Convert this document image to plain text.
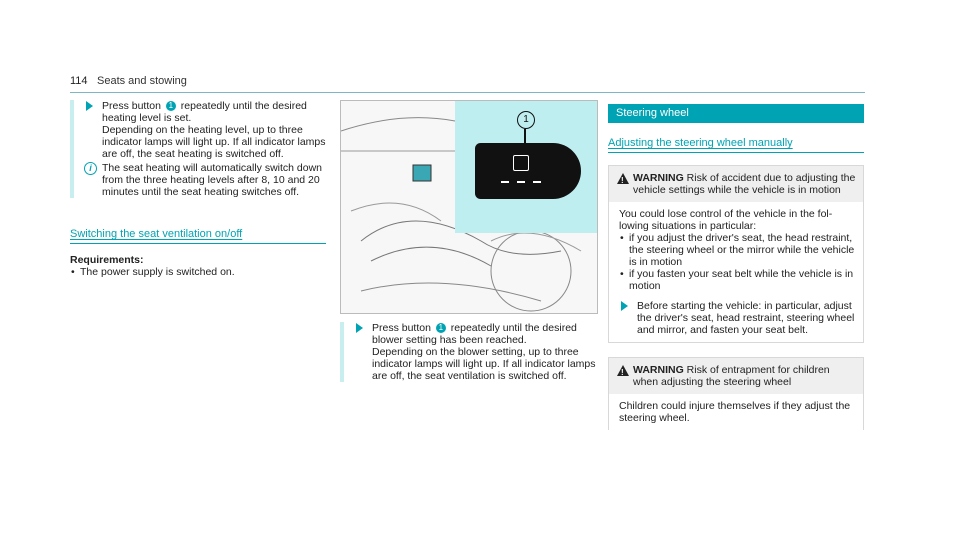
114 Seats and stowing
Press button 1 repeatedly until the desired heating level is set.
Depending on the heating level, up to three indicator lamps will light up. If all indicator lamps are off, the seat heating is switched off.
i The seat heating will automatically switch down from the three heating levels after 8, 10 and 20 minutes until the seat heating switches off.
Switching the seat ventilation on/off
Requirements:
• The power supply is switched on.
1
Press button 1 repeatedly until the desired blower setting has been reached.
Depending on the blower setting, up to three indicator lamps will light up. If all indicator lamps are off, the seat ventilation is switched off.
Steering wheel
Adjusting the steering wheel manually
!
WARNING Risk of accident due to adjusting the vehicle settings while the vehicle is in motion
You could lose control of the vehicle in the following situations in particular:
• if you adjust the driver's seat, the head restraint, the steering wheel or the mirror while the vehicle is in motion
• if you fasten your seat belt while the vehicle is in motion
Before starting the vehicle: in particular, adjust the driver's seat, head restraint, steering wheel and mirror, and fasten your seat belt.
!
WARNING Risk of entrapment for children when adjusting the steering wheel
Children could injure themselves if they adjust the steering wheel.
